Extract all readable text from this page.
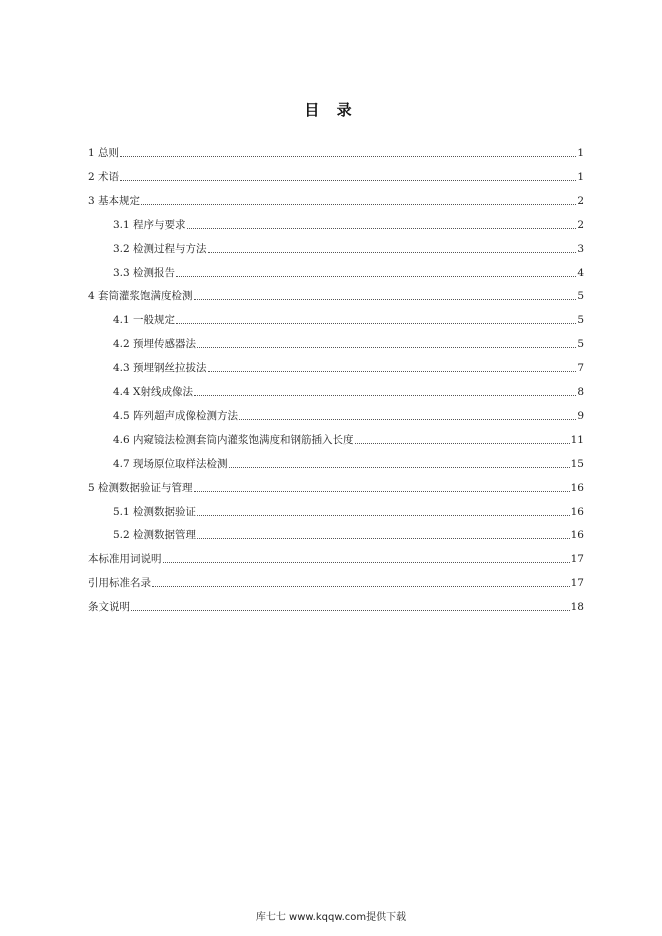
目 录
1 总则	1
2 术语	1
3 基本规定	2
3.1 程序与要求	2
3.2 检测过程与方法	3
3.3 检测报告	4
4 套筒灌浆饱满度检测	5
4.1 一般规定	5
4.2 预埋传感器法	5
4.3 预埋钢丝拉拔法	7
4.4 X射线成像法	8
4.5 阵列超声成像检测方法	9
4.6 内窥镜法检测套筒内灌浆饱满度和钢筋插入长度	11
4.7 现场原位取样法检测	15
5 检测数据验证与管理	16
5.1 检测数据验证	16
5.2 检测数据管理	16
本标准用词说明	17
引用标准名录	17
条文说明	18
库七七 www.kqqw.com提供下载
